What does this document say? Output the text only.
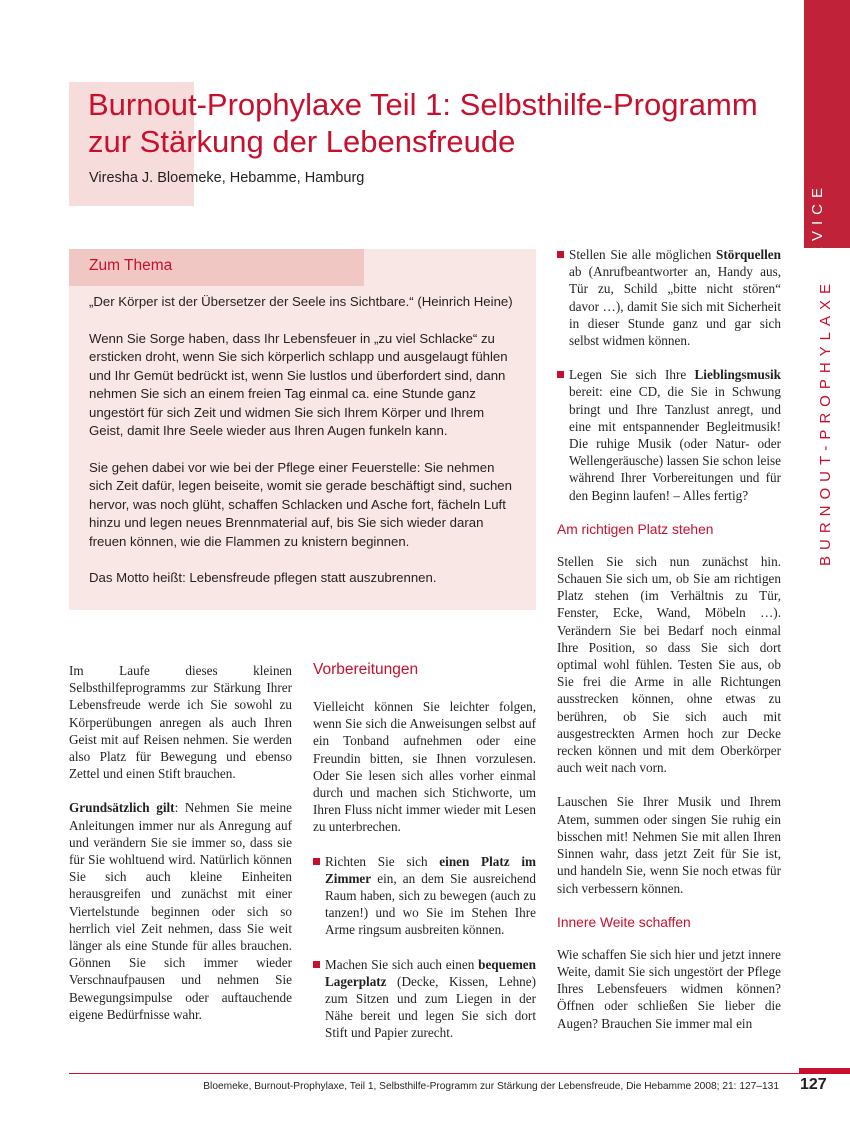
SERVICE
BURNOUT-PROPHYLAXE
Burnout-Prophylaxe Teil 1: Selbsthilfe-Programm zur Stärkung der Lebensfreude
Viresha J. Bloemeke, Hebamme, Hamburg
Zum Thema

„Der Körper ist der Übersetzer der Seele ins Sichtbare.“ (Heinrich Heine)

Wenn Sie Sorge haben, dass Ihr Lebensfeuer in „zu viel Schlacke“ zu ersticken droht, wenn Sie sich körperlich schlapp und ausgelaugt fühlen und Ihr Gemüt bedrückt ist, wenn Sie lustlos und überfordert sind, dann nehmen Sie sich an einem freien Tag einmal ca. eine Stunde ganz ungestört für sich Zeit und widmen Sie sich Ihrem Körper und Ihrem Geist, damit Ihre Seele wieder aus Ihren Augen funkeln kann.

Sie gehen dabei vor wie bei der Pflege einer Feuerstelle: Sie nehmen sich Zeit dafür, legen beiseite, womit sie gerade beschäftigt sind, suchen hervor, was noch glüht, schaffen Schlacken und Asche fort, fächeln Luft hinzu und legen neues Brennmaterial auf, bis Sie sich wieder daran freuen können, wie die Flammen zu knistern beginnen.

Das Motto heißt: Lebensfreude pflegen statt auszubrennen.

Im Laufe dieses kleinen Selbsthilfeprogramms zur Stärkung Ihrer Lebensfreude werde ich Sie sowohl zu Körperübungen anregen als auch Ihren Geist mit auf Reisen nehmen. Sie werden also Platz für Bewegung und ebenso Zettel und einen Stift brauchen.

Grundsätzlich gilt: Nehmen Sie meine Anleitungen immer nur als Anregung auf und verändern Sie sie immer so, dass sie für Sie wohltuend wird. Natürlich können Sie sich auch kleine Einheiten herausgreifen und zunächst mit einer Viertelstunde beginnen oder sich so herrlich viel Zeit nehmen, dass Sie weit länger als eine Stunde für alles brauchen. Gönnen Sie sich immer wieder Verschnaufpausen und nehmen Sie Bewegungsimpulse oder auftauchende eigene Bedürfnisse wahr.

Vorbereitungen

Vielleicht können Sie leichter folgen, wenn Sie sich die Anweisungen selbst auf ein Tonband aufnehmen oder eine Freundin bitten, sie Ihnen vorzulesen. Oder Sie lesen sich alles vorher einmal durch und machen sich Stichworte, um Ihren Fluss nicht immer wieder mit Lesen zu unterbrechen.

Richten Sie sich einen Platz im Zimmer ein, an dem Sie ausreichend Raum haben, sich zu bewegen (auch zu tanzen!) und wo Sie im Stehen Ihre Arme ringsum ausbreiten können.
Machen Sie sich auch einen bequemen Lagerplatz (Decke, Kissen, Lehne) zum Sitzen und zum Liegen in der Nähe bereit und legen Sie sich dort Stift und Papier zurecht.
Stellen Sie alle möglichen Störquellen ab (Anrufbeantworter an, Handy aus, Tür zu, Schild „bitte nicht stören“ davor …), damit Sie sich mit Sicherheit in dieser Stunde ganz und gar sich selbst widmen können.
Legen Sie sich Ihre Lieblingsmusik bereit: eine CD, die Sie in Schwung bringt und Ihre Tanzlust anregt, und eine mit entspannender Begleitmusik! Die ruhige Musik (oder Natur- oder Wellengeräusche) lassen Sie schon leise während Ihrer Vorbereitungen und für den Beginn laufen! – Alles fertig?
Am richtigen Platz stehen

Stellen Sie sich nun zunächst hin. Schauen Sie sich um, ob Sie am richtigen Platz stehen (im Verhältnis zu Tür, Fenster, Ecke, Wand, Möbeln …). Verändern Sie bei Bedarf noch einmal Ihre Position, so dass Sie sich dort optimal wohl fühlen. Testen Sie aus, ob Sie frei die Arme in alle Richtungen ausstrecken können, ohne etwas zu berühren, ob Sie sich auch mit ausgestreckten Armen hoch zur Decke recken können und mit dem Oberkörper auch weit nach vorn.

Lauschen Sie Ihrer Musik und Ihrem Atem, summen oder singen Sie ruhig ein bisschen mit! Nehmen Sie mit allen Ihren Sinnen wahr, dass jetzt Zeit für Sie ist, und handeln Sie, wenn Sie noch etwas für sich verbessern können.

Innere Weite schaffen

Wie schaffen Sie sich hier und jetzt innere Weite, damit Sie sich ungestört der Pflege Ihres Lebensfeuers widmen können? Öffnen oder schließen Sie lieber die Augen? Brauchen Sie immer mal ein

Bloemeke, Burnout-Prophylaxe, Teil 1, Selbsthilfe-Programm zur Stärkung der Lebensfreude, Die Hebamme 2008; 21: 127–131 127
